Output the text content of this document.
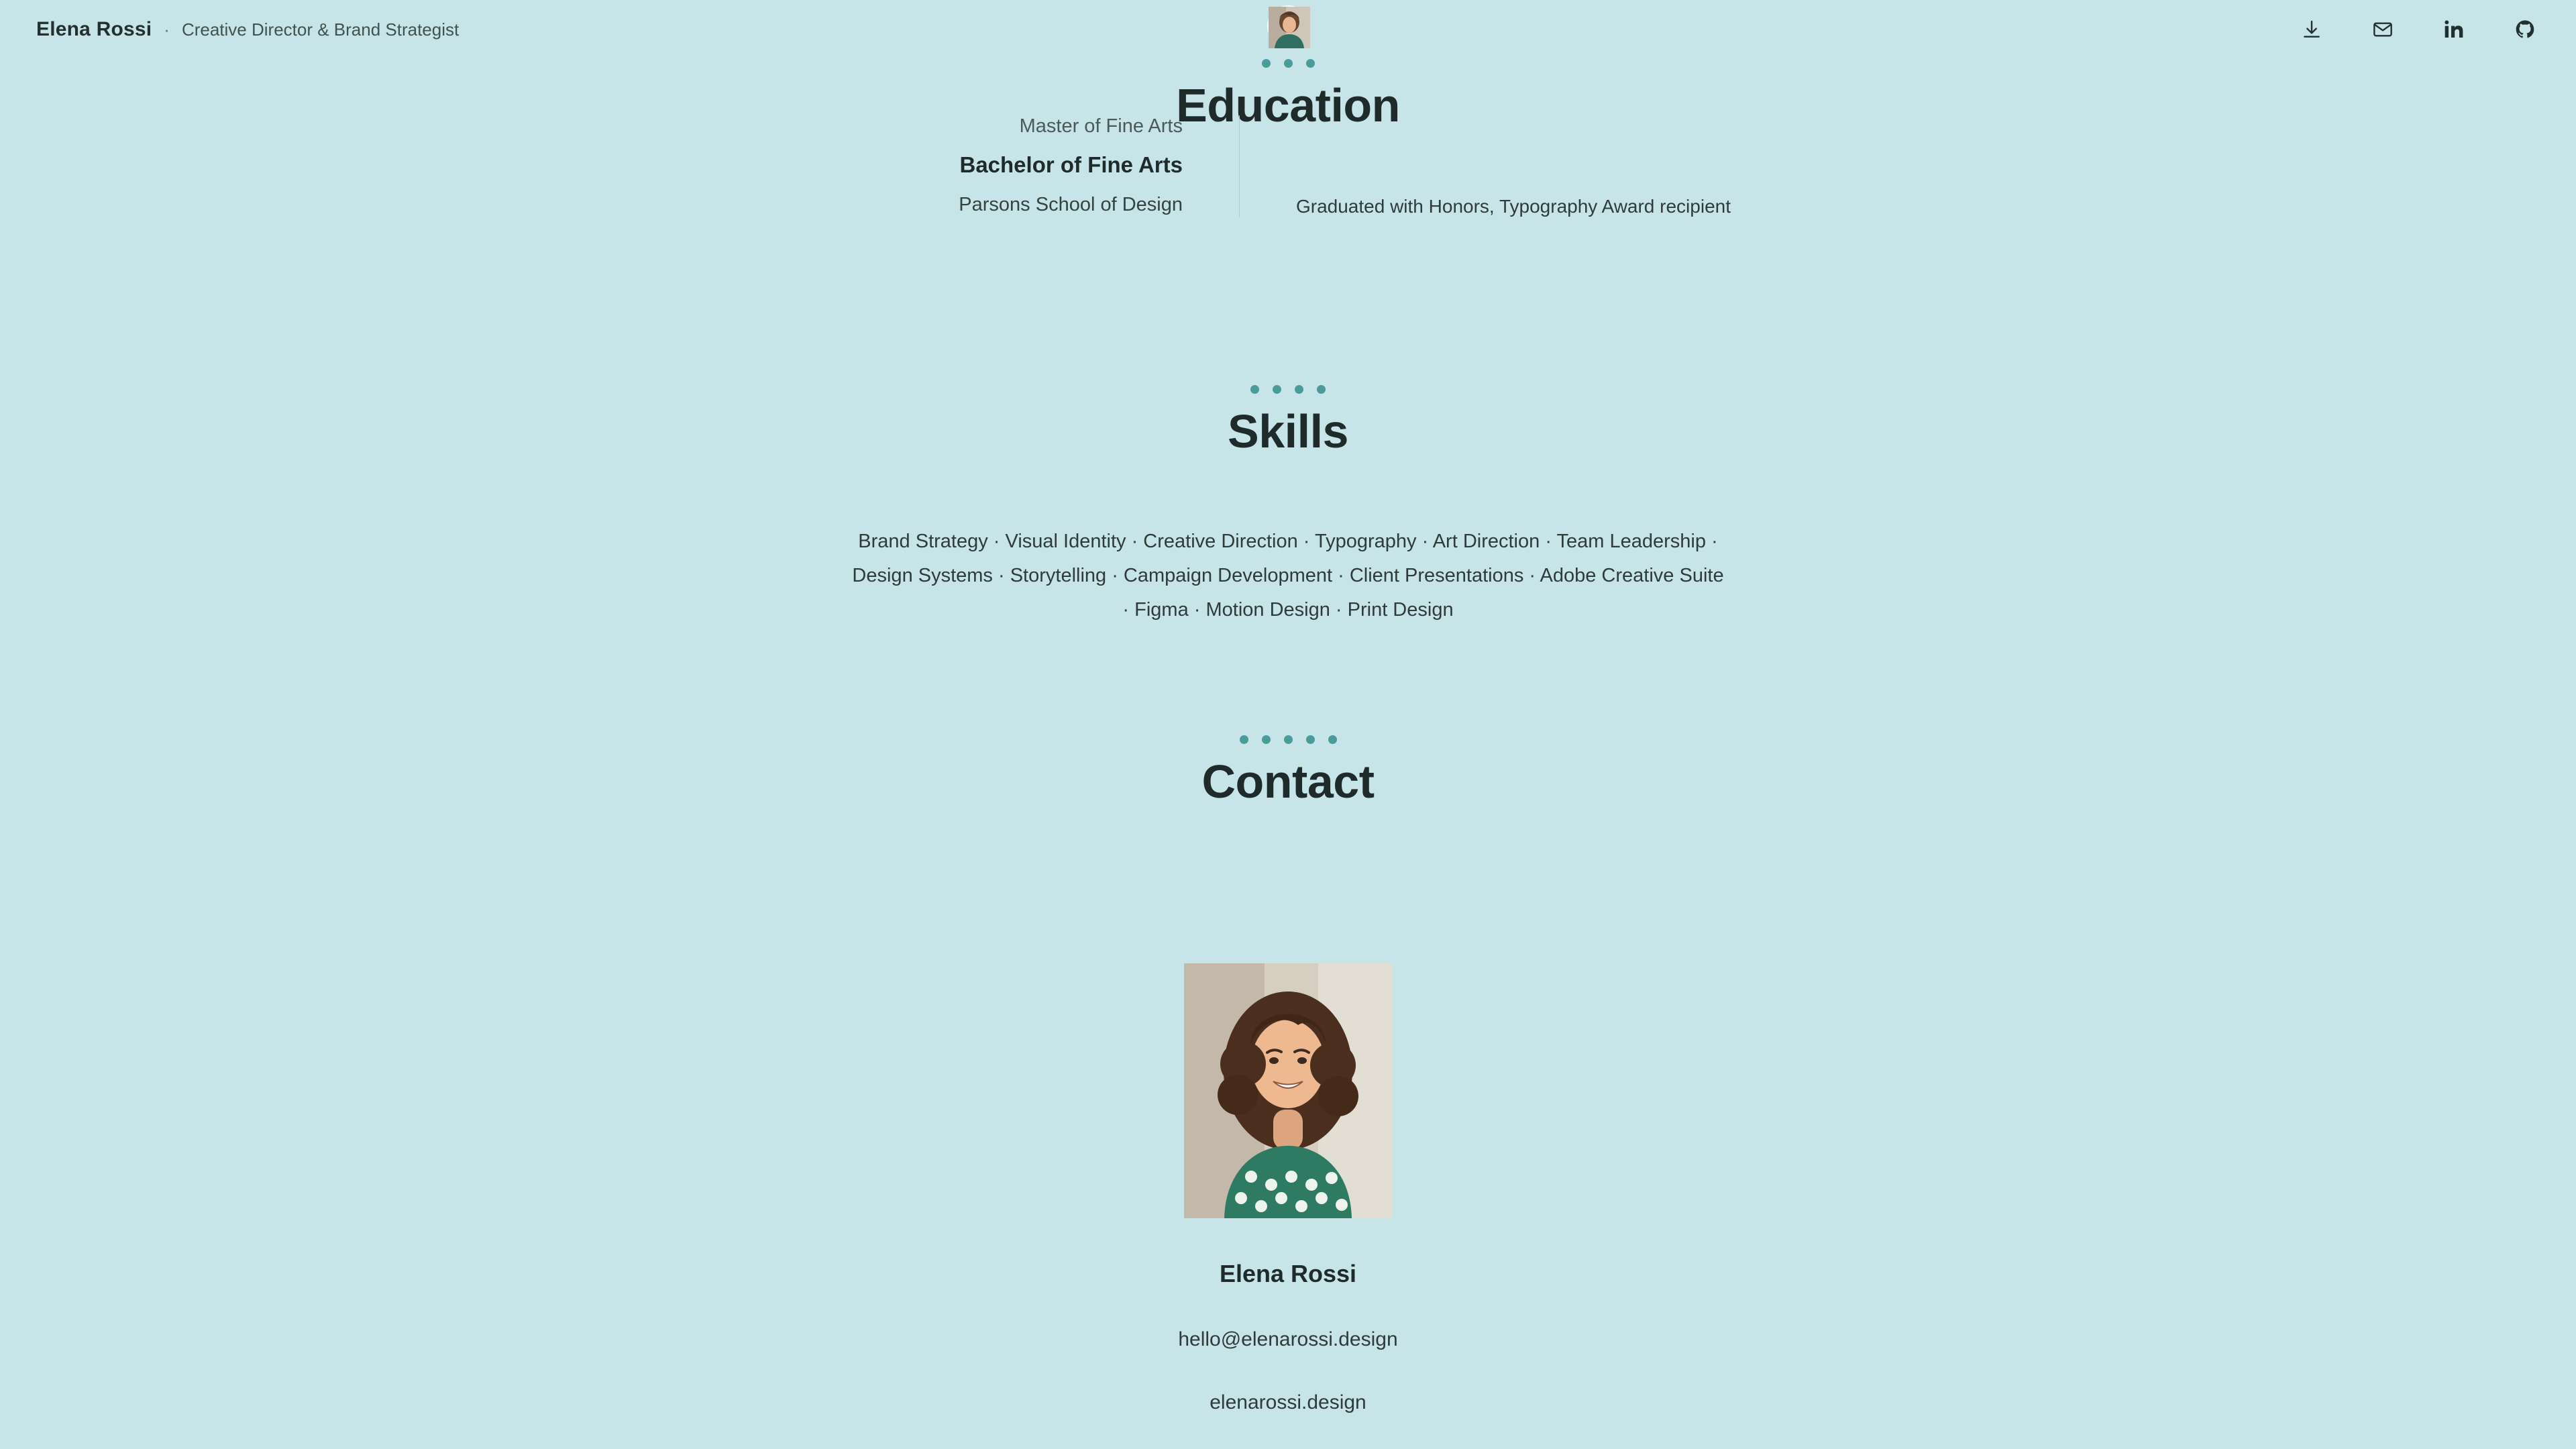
Elena Rossi · Creative Director & Brand Strategist
Education

Master of Fine Arts

Bachelor of Fine Arts

Parsons School of Design	Graduated with Honors, Typography Award recipient

Skills

Brand Strategy · Visual Identity · Creative Direction · Typography · Art Direction · Team Leadership · Design Systems · Storytelling · Campaign Development · Client Presentations · Adobe Creative Suite · Figma · Motion Design · Print Design

Contact

Elena Rossi

hello@elenarossi.design

elenarossi.design
